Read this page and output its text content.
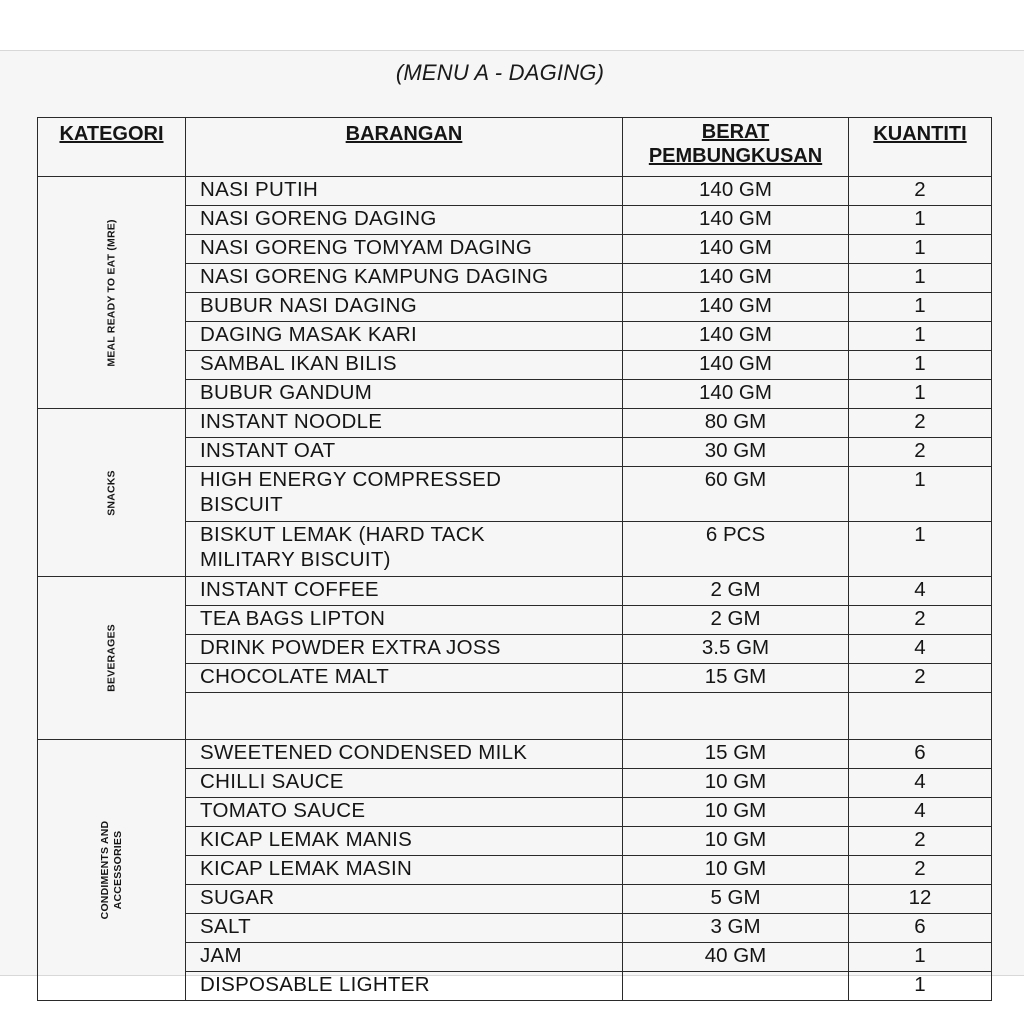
(MENU A - DAGING)
KATEGORI	BARANGAN	BERAT PEMBUNGKUSAN	KUANTITI

MEAL READY TO EAT (MRE)	NASI PUTIH	140 GM	2
	NASI GORENG DAGING	140 GM	1
	NASI GORENG TOMYAM DAGING	140 GM	1
	NASI GORENG KAMPUNG DAGING	140 GM	1
	BUBUR NASI DAGING	140 GM	1
	DAGING MASAK KARI	140 GM	1
	SAMBAL IKAN BILIS	140 GM	1
	BUBUR GANDUM	140 GM	1

SNACKS	INSTANT NOODLE	80 GM	2
	INSTANT OAT	30 GM	2
	HIGH ENERGY COMPRESSED BISCUIT	60 GM	1
	BISKUT LEMAK (HARD TACK MILITARY BISCUIT)	6 PCS	1

BEVERAGES	INSTANT COFFEE	2 GM	4
	TEA BAGS LIPTON	2 GM	2
	DRINK POWDER EXTRA JOSS	3.5 GM	4
	CHOCOLATE MALT	15 GM	2

CONDIMENTS AND ACCESSORIES	SWEETENED CONDENSED MILK	15 GM	6
	CHILLI SAUCE	10 GM	4
	TOMATO SAUCE	10 GM	4
	KICAP LEMAK MANIS	10 GM	2
	KICAP LEMAK MASIN	10 GM	2
	SUGAR	5 GM	12
	SALT	3 GM	6
	JAM	40 GM	1
	DISPOSABLE LIGHTER		1
